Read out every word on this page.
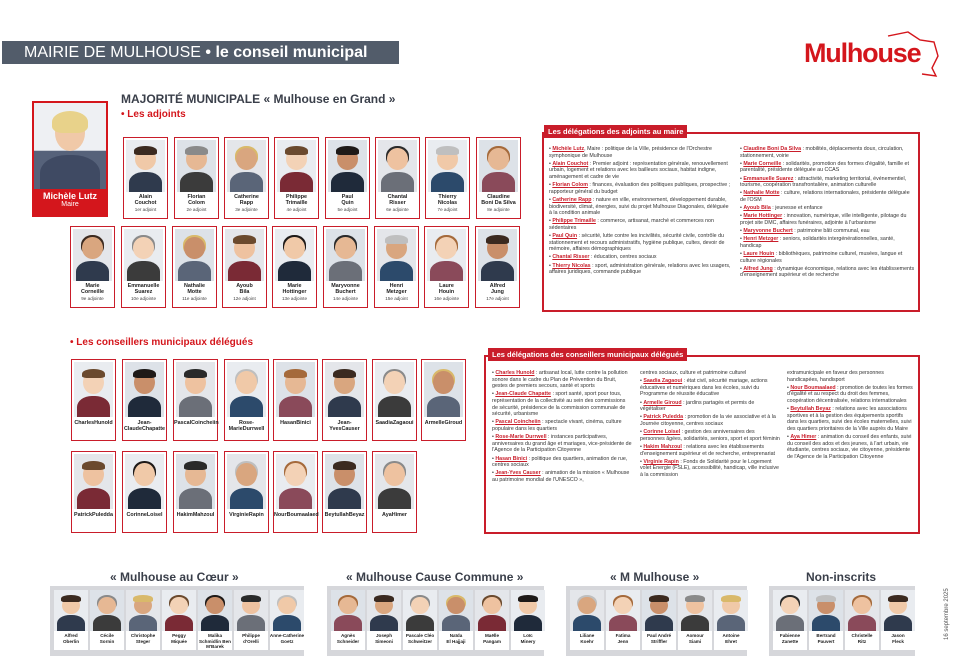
MAIRIE DE MULHOUSE • le conseil municipal	Mulhouse
Michèle Lutz
Maire
MAJORITÉ MUNICIPALE « Mulhouse en Grand »
• Les adjoints
• Les conseillers municipaux délégués
Alain
Couchot
1er adjoint
Florian
Colom
2e adjoint
Catherine
Rapp
3e adjointe
Philippe
Trimaille
4e adjoint
Paul
Quin
5e adjoint
Chantal
Risser
6e adjointe
Thierry
Nicolas
7e adjoint
Claudine
Boni Da Silva
8e adjointe
Marie
Corneille
9e adjointe
Emmanuelle
Suarez
10e adjointe
Nathalie
Motte
11e adjointe
Ayoub
Bila
12e adjoint
Marie
Hottinger
13e adjointe
Maryvonne
Buchert
14e adjointe
Henri
Metzger
15e adjoint
Laure
Houin
16e adjointe
Alfred
Jung
17e adjoint
CharlesHunold	Jean-ClaudeChapatte
PascalCoincheiin	Rose-MarieDurrwell
HasanBinici	Jean-YvesCauser
SaadiaZagaoui	ArmelleGiroud
PatrickPuledda	CorinneLoisel	HakimMahzoul	VirginieRapin	NourBoumaalaed BeytullahBeyaz	AyaHimer
Les délégations des adjoints au maire

• Michèle Lutz, Maire : politique de la Ville, présidence de l'Orchestre symphonique de Mulhouse

• Alain Couchot : Premier adjoint : représentation générale, renouvellement urbain, logement et relations avec les bailleurs sociaux, habitat indigne, aménagement et cadre de vie

• Florian Colom : finances, évaluation des politiques publiques, prospective ; rapporteur général du budget

• Catherine Rapp : nature en ville, environnement, développement durable, biodiversité, climat, énergies, suivi du projet Mulhouse Diagonales, déléguée à la condition animale

• Philippe Trimaille : commerce, artisanat, marché et commerces non sédentaires

• Paul Quin : sécurité, lutte contre les incivilités, sécurité civile, contrôle du stationnement et recours administratifs, hygiène publique, cultes, devoir de mémoire, affaires démographiques

• Chantal Risser : éducation, centres sociaux

• Thierry Nicolas : sport, administration générale, relations avec les usagers, affaires juridiques, commande publique

• Claudine Boni Da Silva : mobilités, déplacements doux, circulation, stationnement, voirie

• Marie Corneille : solidarités, promotion des formes d'égalité, famille et parentalité, présidente déléguée au CCAS

• Emmanuelle Suarez : attractivité, marketing territorial, événementiel, tourisme, coopération transfrontalière, animation culturelle

• Nathalie Motte : culture, relations internationales, présidente déléguée de l'OSM

• Ayoub Bila : jeunesse et enfance

• Marie Hottinger : innovation, numérique, ville intelligente, pilotage du projet site DMC, affaires funéraires, adjointe à l'urbanisme

• Maryvonne Buchert : patrimoine bâti communal, eau

• Henri Metzger : seniors, solidarités intergénérationnelles, santé, handicap

• Laure Houin : bibliothèques, patrimoine culturel, musées, langue et culture régionales

• Alfred Jung : dynamique économique, relations avec les établissements d'enseignement supérieur et de recherche

Les délégations des conseillers municipaux délégués

• Charles Hunold : artisanat local, lutte contre la pollution sonore dans le cadre du Plan de Prévention du Bruit, gestes de premiers secours, santé et sports

• Jean-Claude Chapatte : sport santé, sport pour tous, représentation de la collectivité au sein des commissions de sécurité, présidence de la commission communale de sécurité, urbanisme

• Pascal Coincheiin : spectacle vivant, cinéma, culture populaire dans les quartiers

• Rose-Marie Durrwell : instances participatives, anniversaires du grand âge et mariages, vice-présidente de l'Agence de la Participation Citoyenne

• Hasan Binici : politique des quartiers, animation de rue, centres sociaux

• Jean-Yves Causer : animation de la mission « Mulhouse au patrimoine mondial de l'UNESCO »,

centres sociaux, culture et patrimoine culturel

• Saadia Zagaoui : état civil, sécurité mariage, actions éducatives et numériques dans les écoles, suivi du Programme de réussite éducative

• Armelle Giroud : jardins partagés et permis de végétaliser

• Patrick Puledda : promotion de la vie associative et à la Journée citoyenne, centres sociaux

• Corinne Loisel : gestion des anniversaires des personnes âgées, solidarités, seniors, sport et sport féminin

• Hakim Mahzoul : relations avec les établissements d'enseignement supérieur et de recherche, entreprenariat

• Virginie Rapin : Fonds de Solidarité pour le Logement volet Energie (FSLE), accessibilité, handicap, ville inclusive à la commission

extramunicipale en faveur des personnes handicapées, handisport

• Nour Boumaalaed : promotion de toutes les formes d'égalité et au respect du droit des femmes, coopération décentralisée, relations internationales

• Beytullah Beyaz : relations avec les associations sportives et à la gestion des équipements sportifs dans les quartiers, suivi des écoles maternelles, suivi des quartiers prioritaires de la Ville auprès du Maire

• Aya Himer : animation du conseil des enfants, suivi du conseil des ados et des jeunes, à l'art urbain, vie étudiante, centres sociaux, vie citoyenne, présidente de l'Agence de la Participation Citoyenne

« Mulhouse au Cœur »	« Mulhouse Cause Commune »	« M Mulhouse »	Non-inscrits
Alfred
Oberlin
Cécile
Sornin
Christophe
Steger
Peggy
Miquée
Malika
Schmidlin Ben M'Barek
Philippe
d'Orelli
Anne-Catherine
Goetz
Agnès
Schneider
Joseph
Simeoni
Pascale Cléo
Schweitzer
Naïda
El Hajjaji
Maëlle
Pangam
Loïc
Minery
Liliane
Koehr
Fatima
Jenn
Paul André
Striffler
Aomour
Siami
Antoine
Ehret
Fabienne
Zanette
Bertrand
Pauvert
Christelle
Ritz
Jason
Fleck
16 septembre 2025
